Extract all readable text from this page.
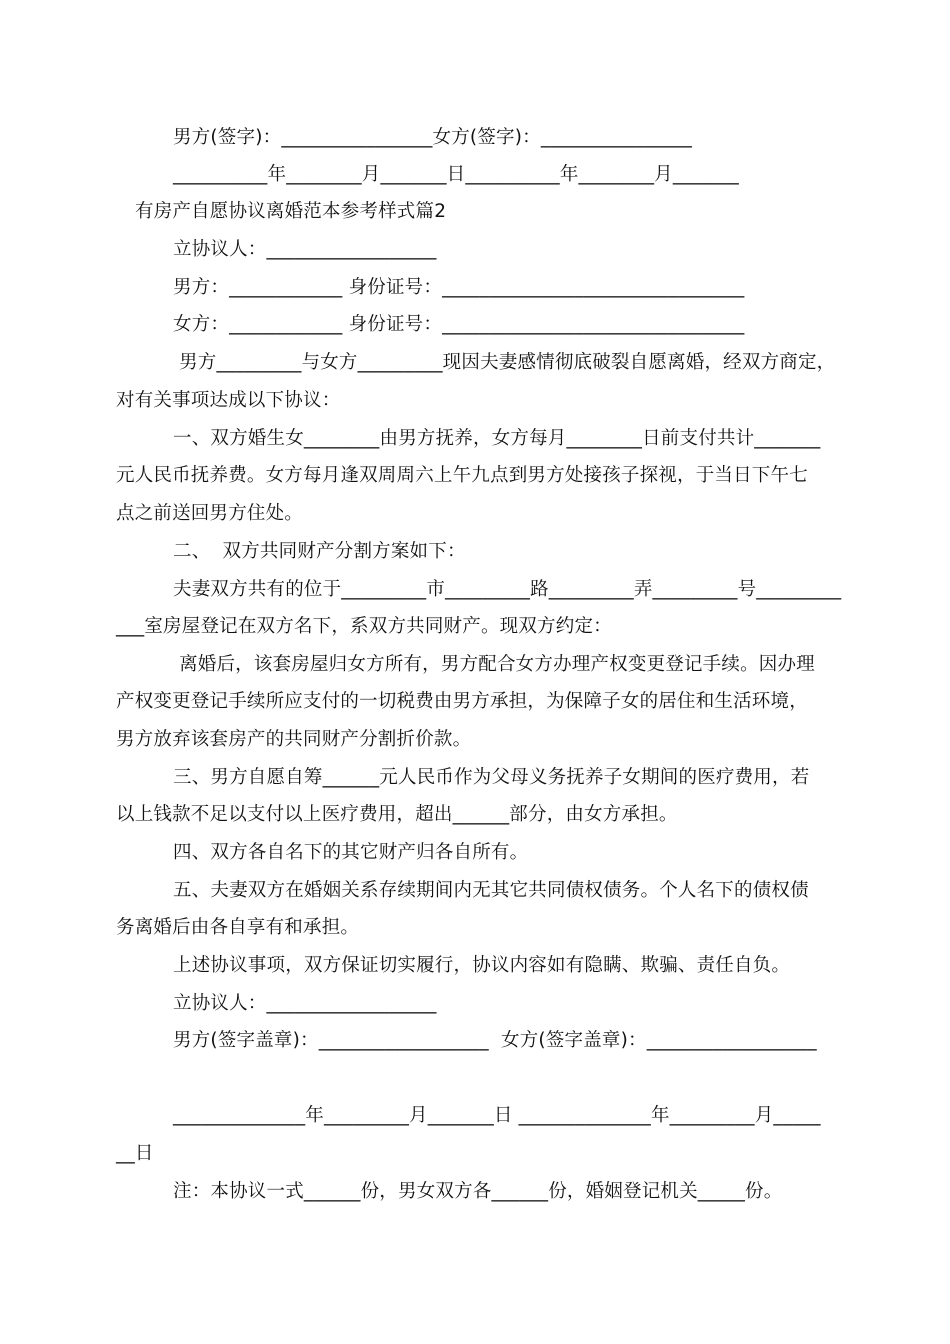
男方(签字)：________________女方(签字)：________________
__________年________月_______日__________年________月_______
有房产自愿协议离婚范本参考样式篇2
立协议人：__________________
男方：____________ 身份证号：________________________________
女方：____________ 身份证号：________________________________
男方_________与女方_________现因夫妻感情彻底破裂自愿离婚，经双方商定，
对有关事项达成以下协议：
一、双方婚生女________由男方抚养，女方每月________日前支付共计_______
元人民币抚养费。女方每月逢双周周六上午九点到男方处接孩子探视，于当日下午七
点之前送回男方住处。
二、  双方共同财产分割方案如下：
夫妻双方共有的位于_________市_________路_________弄_________号_________
___室房屋登记在双方名下，系双方共同财产。现双方约定：
离婚后，该套房屋归女方所有，男方配合女方办理产权变更登记手续。因办理
产权变更登记手续所应支付的一切税费由男方承担，为保障子女的居住和生活环境，
男方放弃该套房产的共同财产分割折价款。
三、男方自愿自筹______元人民币作为父母义务抚养子女期间的医疗费用，若
以上钱款不足以支付以上医疗费用，超出______部分，由女方承担。
四、双方各自名下的其它财产归各自所有。
五、夫妻双方在婚姻关系存续期间内无其它共同债权债务。个人名下的债权债
务离婚后由各自享有和承担。
上述协议事项，双方保证切实履行，协议内容如有隐瞒、欺骗、责任自负。
立协议人：__________________
男方(签字盖章)：__________________  女方(签字盖章)：__________________
______________年_________月_______日 ______________年_________月_____
__日
注：本协议一式______份，男女双方各______份，婚姻登记机关_____份。
